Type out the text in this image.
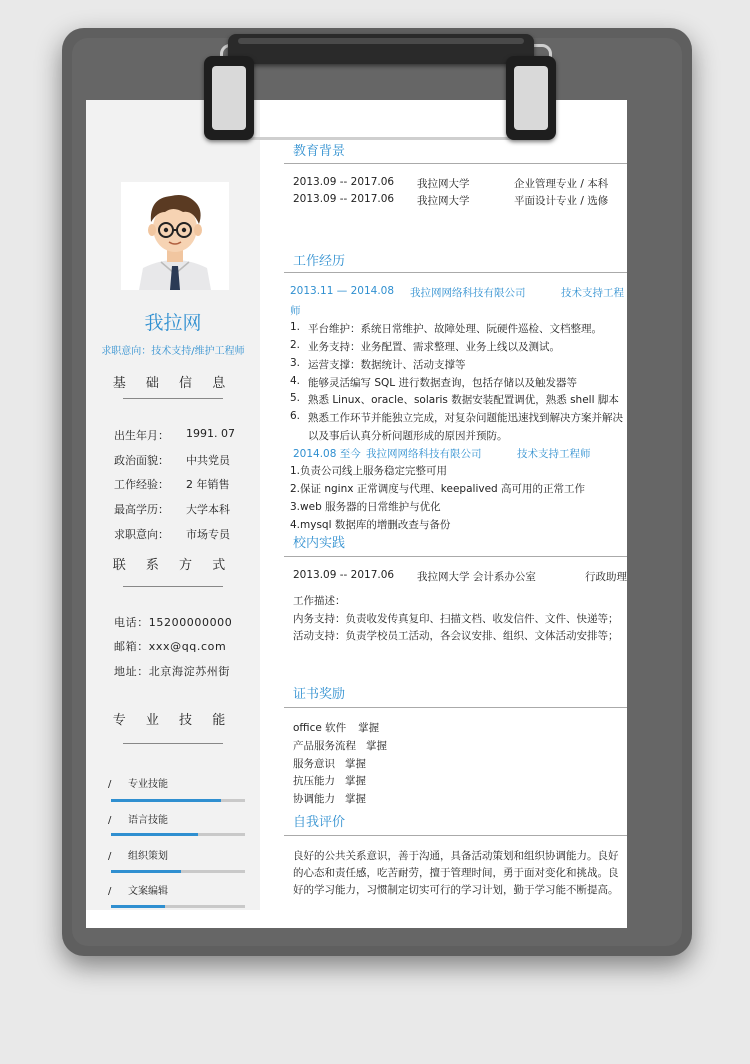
我拉网
求职意向：技术支持/维护工程师
基 础 信 息
出生年月： 1991. 07
政治面貌： 中共党员
工作经验： 2 年销售
最高学历： 大学本科
求职意向： 市场专员
联 系 方 式
电话：15200000000
邮箱：xxx@qq.com
地址：北京海淀苏州街
专 业 技 能
/ 专业技能
/ 语言技能
/ 组织策划
/ 文案编辑
教育背景
2013.09 -- 2017.06 我拉网大学	企业管理专业 / 本科
2013.09 -- 2017.06 我拉网大学	平面设计专业 / 选修
工作经历
2013.11 — 2014.08 我拉网网络科技有限公司	技术支持工程
师
1. 平台维护：系统日常维护、故障处理、阮硬件巡检、文档整理。
2. 业务支持：业务配置、需求整理、业务上线以及测试。
3. 运营支撑：数据统计、活动支撑等
4. 能够灵活编写 SQL 进行数据查询，包括存储以及触发器等
5. 熟悉 Linux、oracle、solaris 数据安装配置调优，熟悉 shell 脚本
6. 熟悉工作环节并能独立完成，对复杂问题能迅速找到解决方案并解决
以及事后认真分析问题形成的原因并预防。
2014.08 至今 我拉网网络科技有限公司	技术支持工程师
1.负责公司线上服务稳定完整可用
2.保证 nginx 正常调度与代理、keepalived 高可用的正常工作
3.web 服务器的日常维护与优化
4.mysql 数据库的增删改查与备份
校内实践
2013.09 -- 2017.06 我拉网大学 会计系办公室	行政助理
工作描述：
内务支持：负责收发传真复印、扫描文档、收发信件、文件、快递等；
活动支持：负责学校员工活动，各会议安排、组织、文体活动安排等；
证书奖励
office 软件 掌握
产品服务流程 掌握
服务意识 掌握
抗压能力 掌握
协调能力 掌握
自我评价
良好的公共关系意识，善于沟通，具备活动策划和组织协调能力。良好
的心态和责任感，吃苦耐劳，擅于管理时间，勇于面对变化和挑战。良
好的学习能力，习惯制定切实可行的学习计划，勤于学习能不断提高。
